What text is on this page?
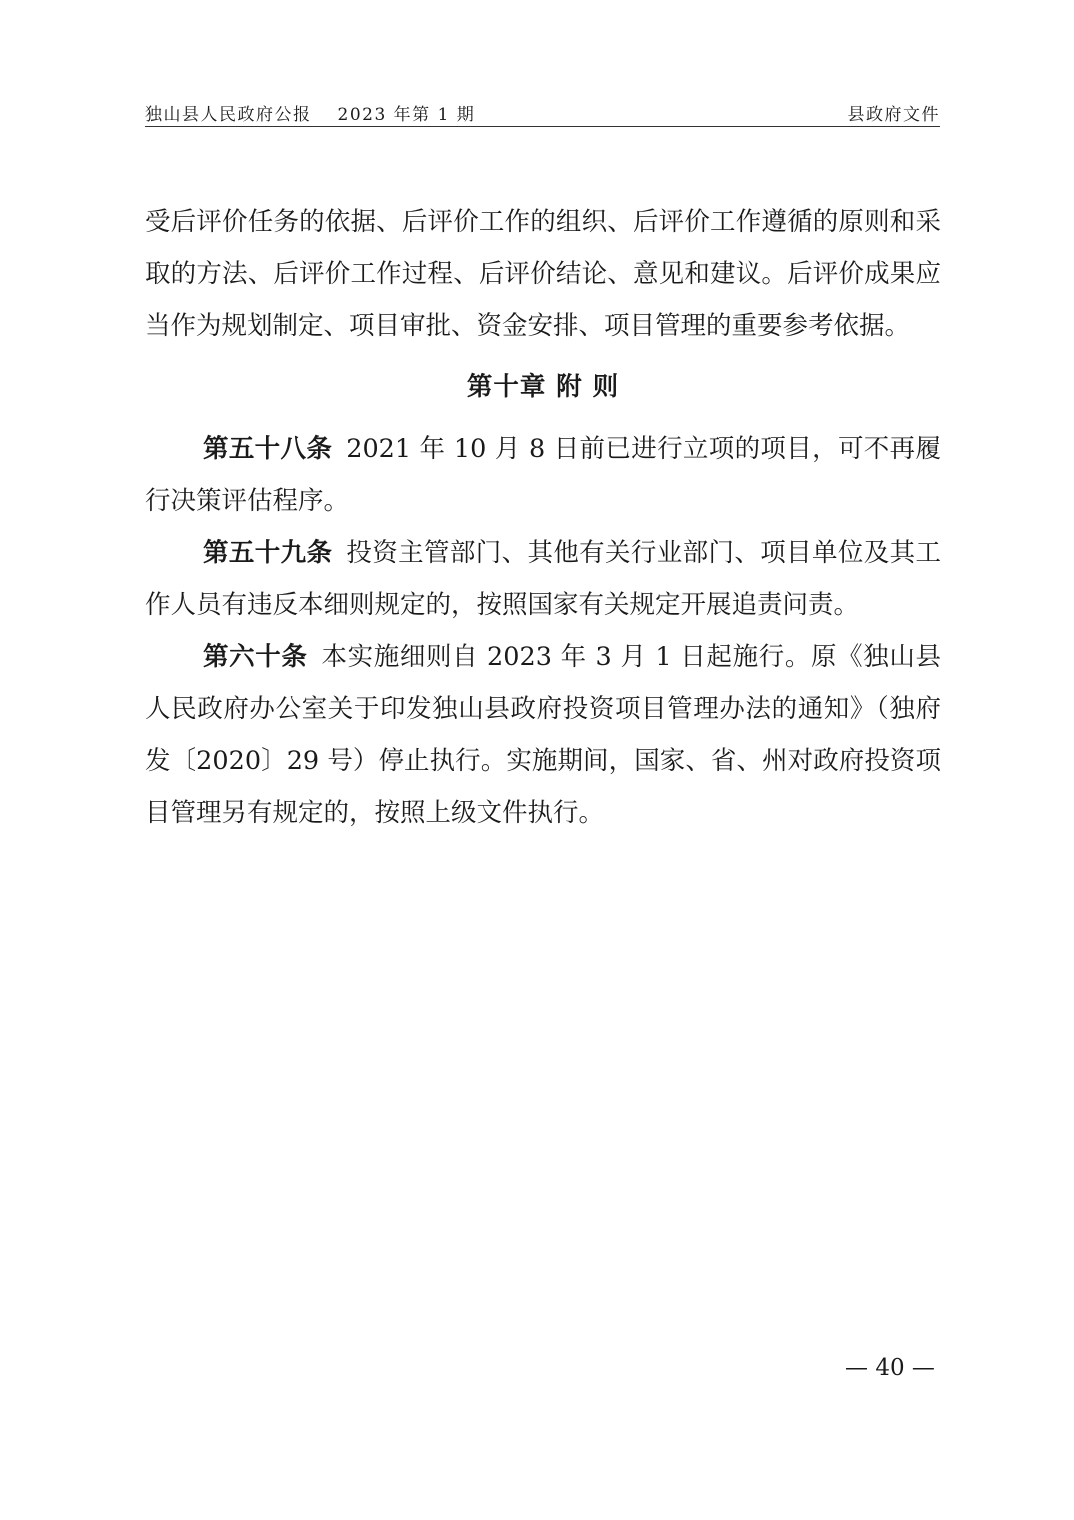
独山县人民政府公报 2023 年第 1 期	县政府文件

受后评价任务的依据、后评价工作的组织、后评价工作遵循的原则和采取的方法、后评价工作过程、后评价结论、意见和建议。后评价成果应当作为规划制定、项目审批、资金安排、项目管理的重要参考依据。

第十章 附 则

第五十八条 2021 年 10 月 8 日前已进行立项的项目，可不再履行决策评估程序。

第五十九条 投资主管部门、其他有关行业部门、项目单位及其工作人员有违反本细则规定的，按照国家有关规定开展追责问责。

第六十条 本实施细则自 2023 年 3 月 1 日起施行。原《独山县人民政府办公室关于印发独山县政府投资项目管理办法的通知》（独府发〔2020〕29 号）停止执行。实施期间，国家、省、州对政府投资项目管理另有规定的，按照上级文件执行。

— 40 —
